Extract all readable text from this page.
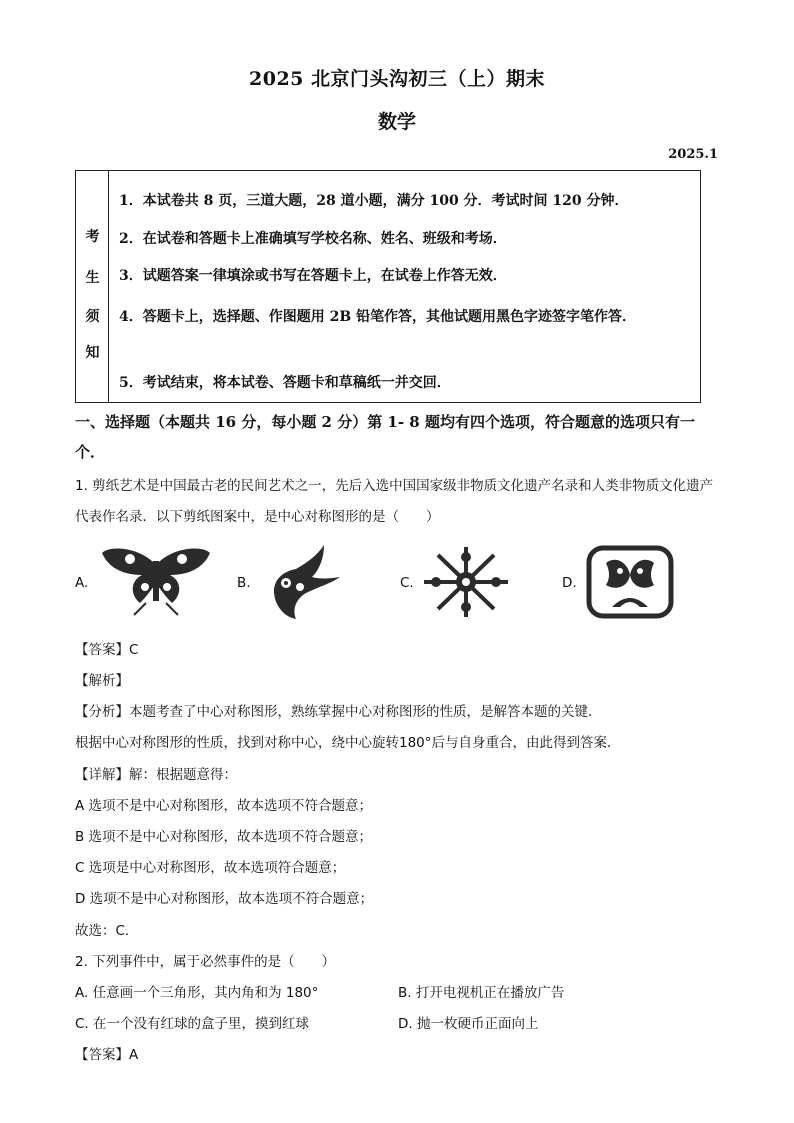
2025 北京门头沟初三（上）期末
数学
2025.1
考
生
须
知
1．本试卷共 8 页，三道大题，28 道小题，满分 100 分．考试时间 120 分钟．
2．在试卷和答题卡上准确填写学校名称、姓名、班级和考场．
3．试题答案一律填涂或书写在答题卡上，在试卷上作答无效．
4．答题卡上，选择题、作图题用 2B 铅笔作答，其他试题用黑色字迹签字笔作答．
5．考试结束，将本试卷、答题卡和草稿纸一并交回．
一、选择题（本题共 16 分，每小题 2 分）第 1- 8 题均有四个选项，符合题意的选项只有一个．
1. 剪纸艺术是中国最古老的民间艺术之一，先后入选中国国家级非物质文化遗产名录和人类非物质文化遗产代表作名录．以下剪纸图案中，是中心对称图形的是（　　）
A.	B.	C.	D.
【答案】C
【解析】
【分析】本题考查了中心对称图形，熟练掌握中心对称图形的性质，是解答本题的关键．
根据中心对称图形的性质，找到对称中心，绕中心旋转180°后与自身重合，由此得到答案．
【详解】解：根据题意得：
A 选项不是中心对称图形，故本选项不符合题意；
B 选项不是中心对称图形，故本选项不符合题意；
C 选项是中心对称图形，故本选项符合题意；
D 选项不是中心对称图形，故本选项不符合题意；
故选：C．
2. 下列事件中，属于必然事件的是（　　）
A. 任意画一个三角形，其内角和为 180°	B. 打开电视机正在播放广告
C. 在一个没有红球的盒子里，摸到红球	D. 抛一枚硬币正面向上
【答案】A
